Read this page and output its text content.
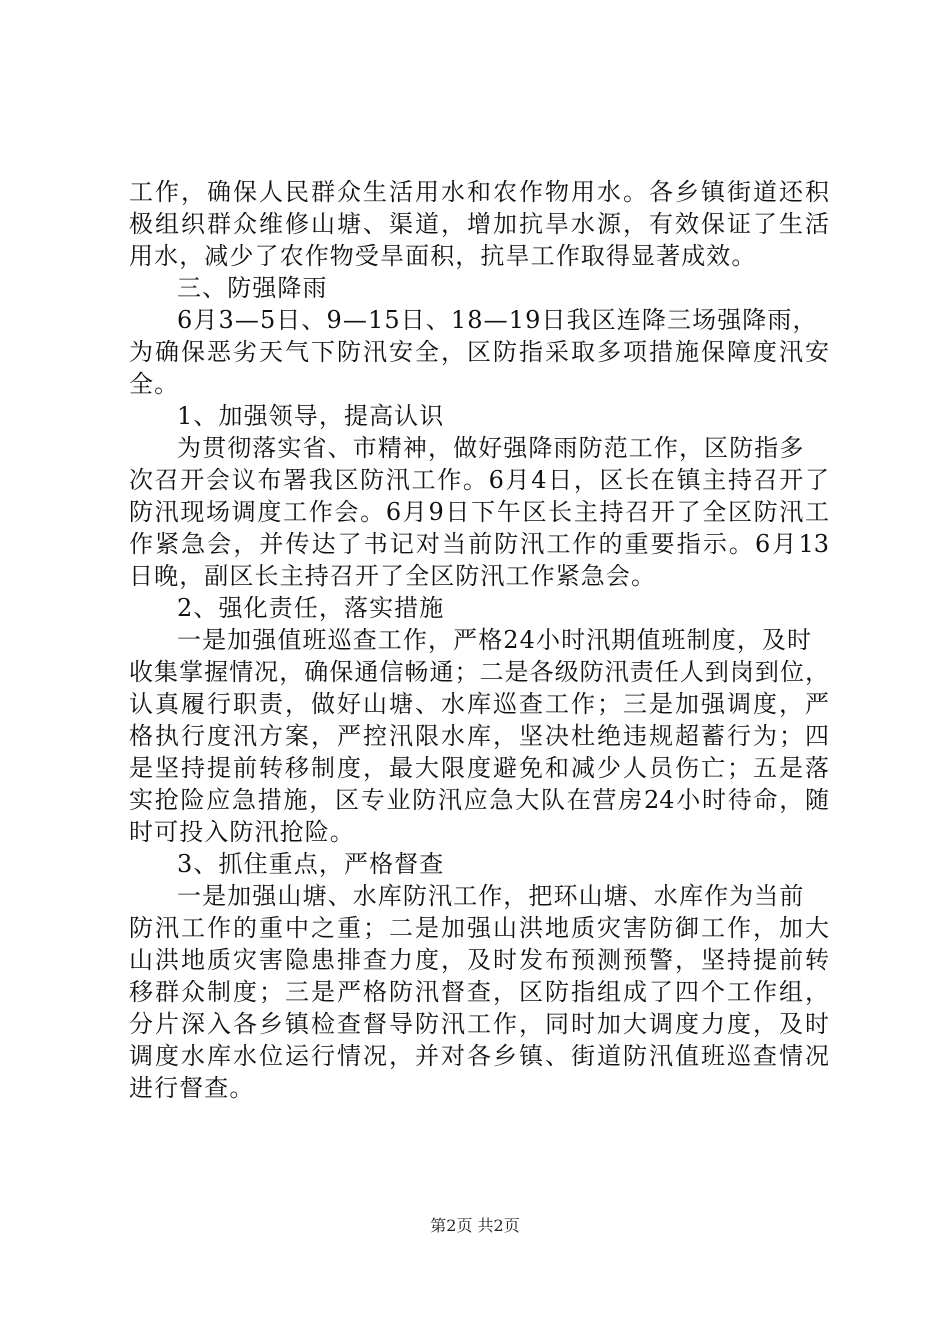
工作，确保人民群众生活用水和农作物用水。各乡镇街道还积
极组织群众维修山塘、渠道，增加抗旱水源，有效保证了生活
用水，减少了农作物受旱面积，抗旱工作取得显著成效。
三、防强降雨
6月3—5日、9—15日、18—19日我区连降三场强降雨，
为确保恶劣天气下防汛安全，区防指采取多项措施保障度汛安
全。
1、加强领导，提高认识
为贯彻落实省、市精神，做好强降雨防范工作，区防指多
次召开会议布署我区防汛工作。6月4日，区长在镇主持召开了
防汛现场调度工作会。6月9日下午区长主持召开了全区防汛工
作紧急会，并传达了书记对当前防汛工作的重要指示。6月13
日晚，副区长主持召开了全区防汛工作紧急会。
2、强化责任，落实措施
一是加强值班巡查工作，严格24小时汛期值班制度，及时
收集掌握情况，确保通信畅通；二是各级防汛责任人到岗到位，
认真履行职责，做好山塘、水库巡查工作；三是加强调度，严
格执行度汛方案，严控汛限水库，坚决杜绝违规超蓄行为；四
是坚持提前转移制度，最大限度避免和减少人员伤亡；五是落
实抢险应急措施，区专业防汛应急大队在营房24小时待命，随
时可投入防汛抢险。
3、抓住重点，严格督查
一是加强山塘、水库防汛工作，把环山塘、水库作为当前
防汛工作的重中之重；二是加强山洪地质灾害防御工作，加大
山洪地质灾害隐患排查力度，及时发布预测预警，坚持提前转
移群众制度；三是严格防汛督查，区防指组成了四个工作组，
分片深入各乡镇检查督导防汛工作，同时加大调度力度，及时
调度水库水位运行情况，并对各乡镇、街道防汛值班巡查情况
进行督查。
第2页 共2页
